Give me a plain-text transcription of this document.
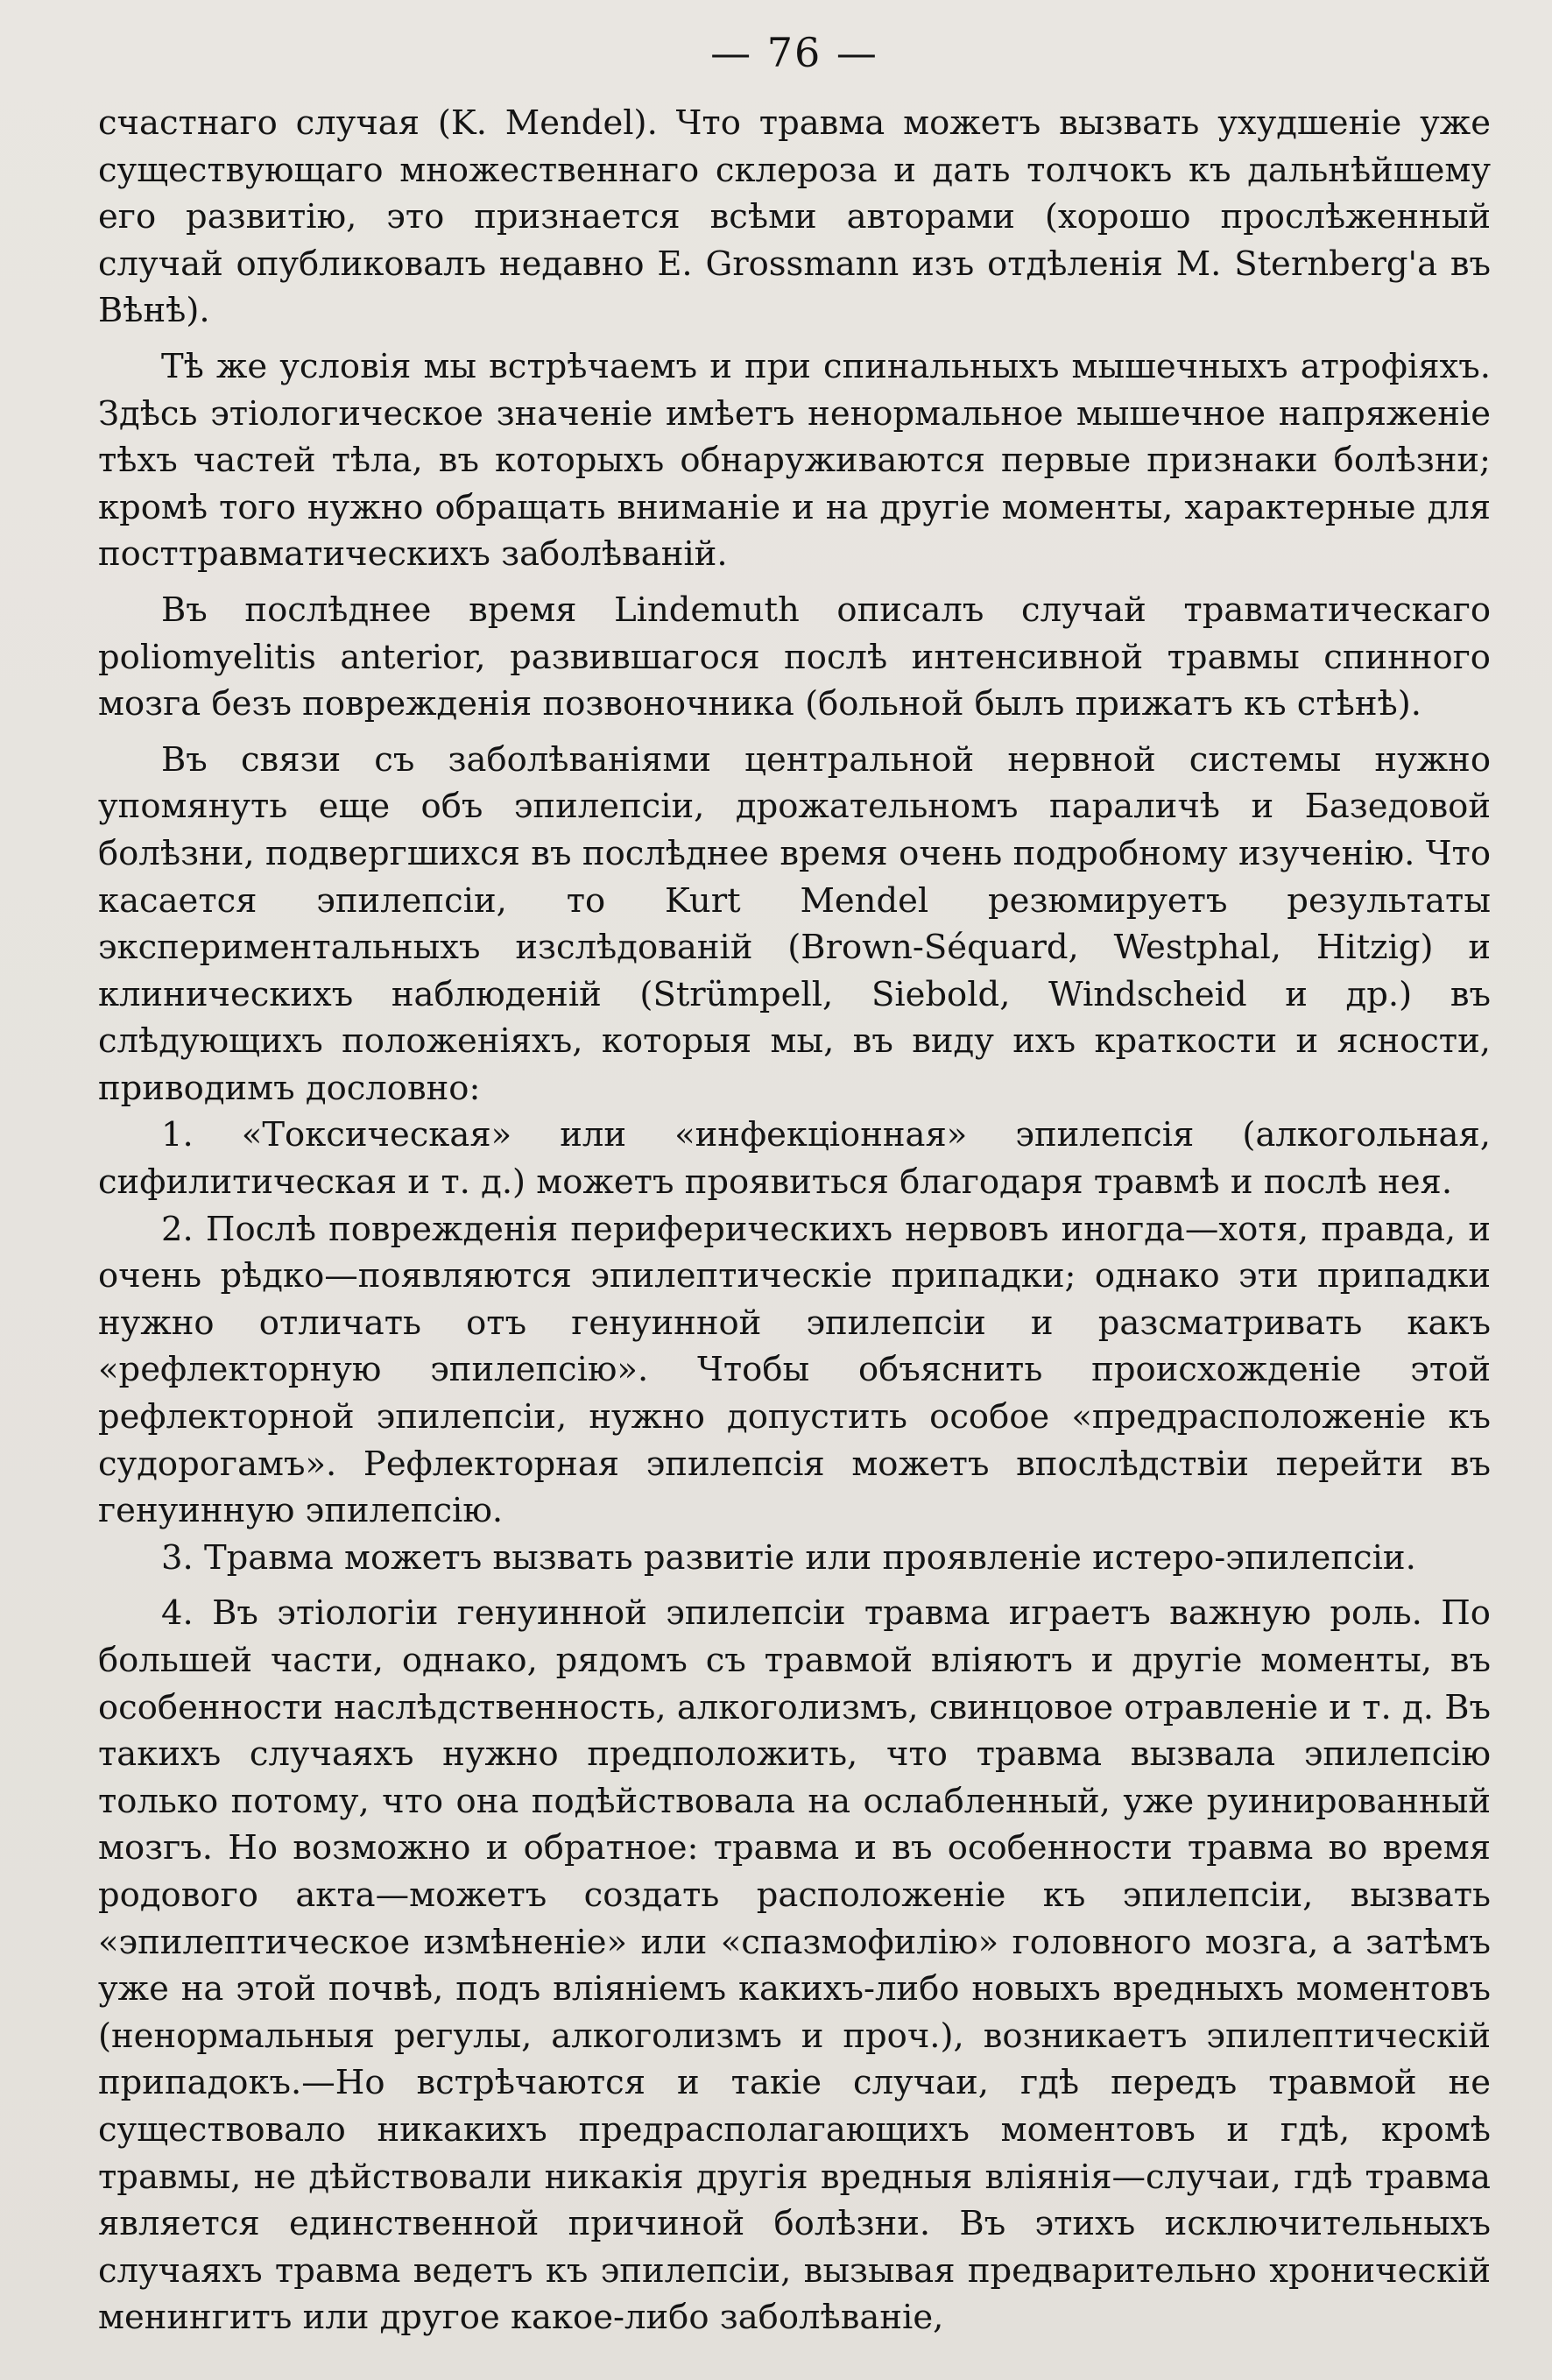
— 76 —

счастнаго случая (K. Mendel). Что травма можетъ вызвать ухудшеніе уже существующаго множественнаго склероза и дать толчокъ къ дальнѣйшему его развитію, это признается всѣми авторами (хорошо прослѣженный случай опубликовалъ недавно E. Grossmann изъ отдѣленія M. Sternberg'а въ Вѣнѣ).

Тѣ же условія мы встрѣчаемъ и при спинальныхъ мышечныхъ атрофіяхъ. Здѣсь этіологическое значеніе имѣетъ ненормальное мышечное напряженіе тѣхъ частей тѣла, въ которыхъ обнаруживаются первые признаки болѣзни; кромѣ того нужно обращать вниманіе и на другіе моменты, характерные для посттравматическихъ заболѣваній.

Въ послѣднее время Lindemuth описалъ случай травматическаго poliomyelitis anterior, развившагося послѣ интенсивной травмы спинного мозга безъ поврежденія позвоночника (больной былъ прижатъ къ стѣнѣ).

Въ связи съ заболѣваніями центральной нервной системы нужно упомянуть еще объ эпилепсіи, дрожательномъ параличѣ и Базедовой болѣзни, подвергшихся въ послѣднее время очень подробному изученію. Что касается эпилепсіи, то Kurt Mendel резюмируетъ результаты экспериментальныхъ изслѣдованій (Brown-Séquard, Westphal, Hitzig) и клиническихъ наблюденій (Strümpell, Siebold, Windscheid и др.) въ слѣдующихъ положеніяхъ, которыя мы, въ виду ихъ краткости и ясности, приводимъ дословно:

1. «Токсическая» или «инфекціонная» эпилепсія (алкогольная, сифилитическая и т. д.) можетъ проявиться благодаря травмѣ и послѣ нея.

2. Послѣ поврежденія периферическихъ нервовъ иногда—хотя, правда, и очень рѣдко—появляются эпилептическіе припадки; однако эти припадки нужно отличать отъ генуинной эпилепсіи и разсматривать какъ «рефлекторную эпилепсію». Чтобы объяснить происхожденіе этой рефлекторной эпилепсіи, нужно допустить особое «предрасположеніе къ судорогамъ». Рефлекторная эпилепсія можетъ впослѣдствіи перейти въ генуинную эпилепсію.

3. Травма можетъ вызвать развитіе или проявленіе истеро-эпилепсіи.

4. Въ этіологіи генуинной эпилепсіи травма играетъ важную роль. По большей части, однако, рядомъ съ травмой вліяютъ и другіе моменты, въ особенности наслѣдственность, алкоголизмъ, свинцовое отравленіе и т. д. Въ такихъ случаяхъ нужно предположить, что травма вызвала эпилепсію только потому, что она подѣйствовала на ослабленный, уже руинированный мозгъ. Но возможно и обратное: травма и въ особенности травма во время родового акта—можетъ создать расположеніе къ эпилепсіи, вызвать «эпилептическое измѣненіе» или «спазмофилію» головного мозга, а затѣмъ уже на этой почвѣ, подъ вліяніемъ какихъ-либо новыхъ вредныхъ моментовъ (ненормальныя регулы, алкоголизмъ и проч.), возникаетъ эпилептическій припадокъ.—Но встрѣчаются и такіе случаи, гдѣ передъ травмой не существовало никакихъ предрасполагающихъ моментовъ и гдѣ, кромѣ травмы, не дѣйствовали никакія другія вредныя вліянія—случаи, гдѣ травма является единственной причиной болѣзни. Въ этихъ исключительныхъ случаяхъ травма ведетъ къ эпилепсіи, вызывая предварительно хроническій менингитъ или другое какое-либо заболѣваніе,
